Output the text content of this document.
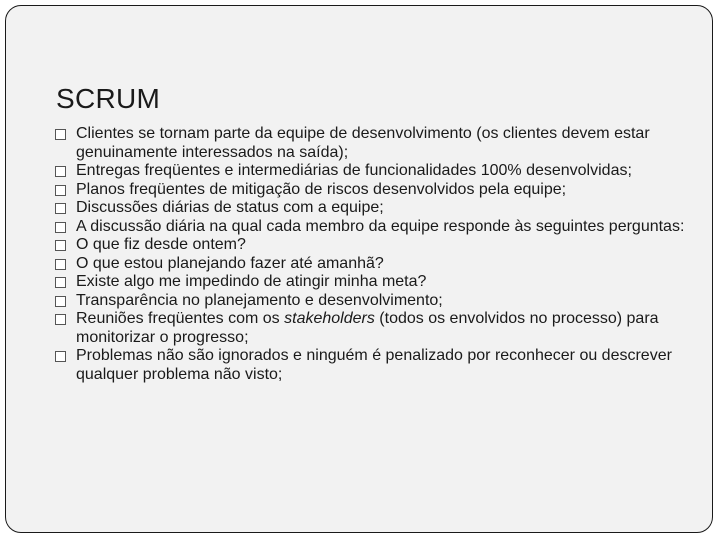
SCRUM
Clientes se tornam parte da equipe de desenvolvimento (os clientes devem estar genuinamente interessados na saída);
Entregas freqüentes e intermediárias de funcionalidades 100% desenvolvidas;
Planos freqüentes de mitigação de riscos desenvolvidos pela equipe;
Discussões diárias de status com a equipe;
A discussão diária na qual cada membro da equipe responde às seguintes perguntas:
O que fiz desde ontem?
O que estou planejando fazer até amanhã?
Existe algo me impedindo de atingir minha meta?
Transparência no planejamento e desenvolvimento;
Reuniões freqüentes com os stakeholders (todos os envolvidos no processo) para monitorizar o progresso;
Problemas não são ignorados e ninguém é penalizado por reconhecer ou descrever qualquer problema não visto;
